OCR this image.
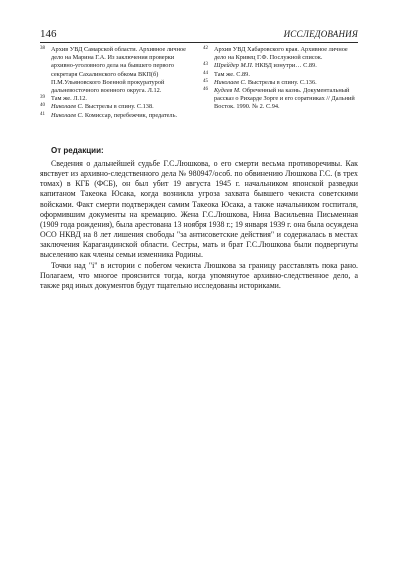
146	ИССЛЕДОВАНИЯ
38 Архив УВД Самарской области. Архивное личное дело на Марина Г.А. Из заключения проверки архивно-уголовного дела на бывшего первого секретаря Сахалинского обкома ВКП(б) П.М.Ульяновского Военной прокуратурой дальневосточного военного округа. Л.12.
39 Там же. Л.12.
40 Николаев С. Выстрелы в спину. С.138.
41 Николаев С. Комиссар, перебежчик, предатель.
42 Архив УВД Хабаровского края. Архивное личное дело на Кривец Г.Ф. Послужной список.
43 Шрейдер М.П. НКВД изнутри… С.89.
44 Там же. С.89.
45 Николаев С. Выстрелы в спину. С.136.
46 Кудеев М. Обреченный на казнь. Документальный рассказ о Рихарде Зорге и его соратниках // Дальний Восток. 1990. № 2. С.94.
От редакции:

Сведения о дальнейшей судьбе Г.С.Люшкова, о его смерти весьма противоречивы. Как явствует из архивно-следственного дела № 980947/особ. по обвинению Люшкова Г.С. (в трех томах) в КГБ (ФСБ), он был убит 19 августа 1945 г. начальником японской разведки капитаном Такеока Юсака, когда возникла угроза захвата бывшего чекиста советскими войсками. Факт смерти подтвержден самим Такеока Юсака, а также начальником госпиталя, оформившим документы на кремацию. Жена Г.С.Люшкова, Нина Васильевна Письменная (1909 года рождения), была арестована 13 ноября 1938 г.; 19 января 1939 г. она была осуждена ОСО НКВД на 8 лет лишения свободы "за антисоветские действия" и содержалась в местах заключения Карагандинской области. Сестры, мать и брат Г.С.Люшкова были подвергнуты выселению как члены семьи изменника Родины.

Точки над "i" в истории с побегом чекиста Люшкова за границу расставлять пока рано. Полагаем, что многое прояснится тогда, когда упомянутое архивно-следственное дело, а также ряд иных документов будут тщательно исследованы историками.
